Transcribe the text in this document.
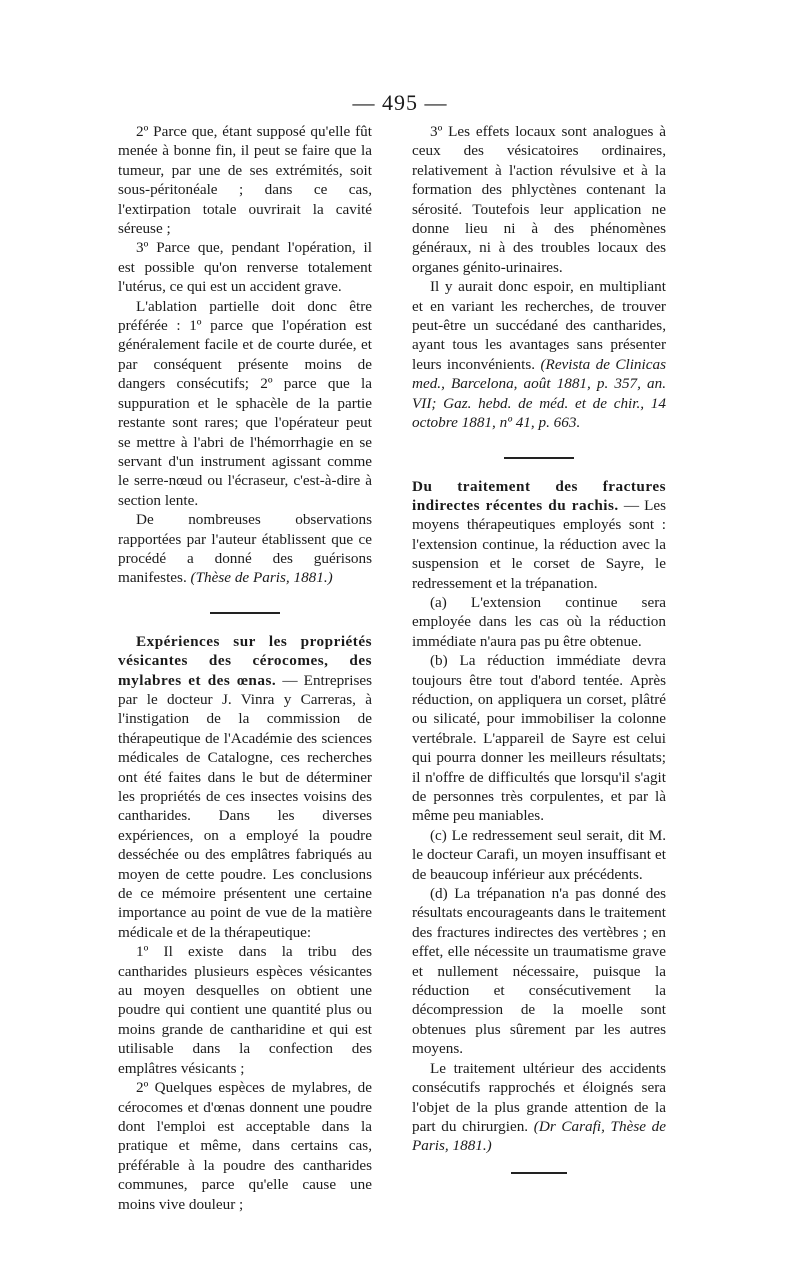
— 495 —

2º Parce que, étant supposé qu'elle fût menée à bonne fin, il peut se faire que la tumeur, par une de ses extrémités, soit sous-péritonéale ; dans ce cas, l'extirpation totale ouvrirait la cavité séreuse ;

3º Parce que, pendant l'opération, il est possible qu'on renverse totalement l'utérus, ce qui est un accident grave.

L'ablation partielle doit donc être préférée : 1º parce que l'opération est généralement facile et de courte durée, et par conséquent présente moins de dangers consécutifs; 2º parce que la suppuration et le sphacèle de la partie restante sont rares; que l'opérateur peut se mettre à l'abri de l'hémorrhagie en se servant d'un instrument agissant comme le serre-nœud ou l'écraseur, c'est-à-dire à section lente.

De nombreuses observations rapportées par l'auteur établissent que ce procédé a donné des guérisons manifestes. (Thèse de Paris, 1881.)

Expériences sur les propriétés vésicantes des cérocomes, des mylabres et des œnas. — Entreprises par le docteur J. Vinra y Carreras, à l'instigation de la commission de thérapeutique de l'Académie des sciences médicales de Catalogne, ces recherches ont été faites dans le but de déterminer les propriétés de ces insectes voisins des cantharides. Dans les diverses expériences, on a employé la poudre desséchée ou des emplâtres fabriqués au moyen de cette poudre. Les conclusions de ce mémoire présentent une certaine importance au point de vue de la matière médicale et de la thérapeutique:

1º Il existe dans la tribu des cantharides plusieurs espèces vésicantes au moyen desquelles on obtient une poudre qui contient une quantité plus ou moins grande de cantharidine et qui est utilisable dans la confection des emplâtres vésicants ;

2º Quelques espèces de mylabres, de cérocomes et d'œnas donnent une poudre dont l'emploi est acceptable dans la pratique et même, dans certains cas, préférable à la poudre des cantharides communes, parce qu'elle cause une moins vive douleur ;

3º Les effets locaux sont analogues à ceux des vésicatoires ordinaires, relativement à l'action révulsive et à la formation des phlyctènes contenant la sérosité. Toutefois leur application ne donne lieu ni à des phénomènes généraux, ni à des troubles locaux des organes génito-urinaires.

Il y aurait donc espoir, en multipliant et en variant les recherches, de trouver peut-être un succédané des cantharides, ayant tous les avantages sans présenter leurs inconvénients. (Revista de Clinicas med., Barcelona, août 1881, p. 357, an. VII; Gaz. hebd. de méd. et de chir., 14 octobre 1881, nº 41, p. 663.

Du traitement des fractures indirectes récentes du rachis. — Les moyens thérapeutiques employés sont : l'extension continue, la réduction avec la suspension et le corset de Sayre, le redressement et la trépanation.

(a) L'extension continue sera employée dans les cas où la réduction immédiate n'aura pas pu être obtenue.

(b) La réduction immédiate devra toujours être tout d'abord tentée. Après réduction, on appliquera un corset, plâtré ou silicaté, pour immobiliser la colonne vertébrale. L'appareil de Sayre est celui qui pourra donner les meilleurs résultats; il n'offre de difficultés que lorsqu'il s'agit de personnes très corpulentes, et par là même peu maniables.

(c) Le redressement seul serait, dit M. le docteur Carafi, un moyen insuffisant et de beaucoup inférieur aux précédents.

(d) La trépanation n'a pas donné des résultats encourageants dans le traitement des fractures indirectes des vertèbres ; en effet, elle nécessite un traumatisme grave et nullement nécessaire, puisque la réduction et consécutivement la décompression de la moelle sont obtenues plus sûrement par les autres moyens.

Le traitement ultérieur des accidents consécutifs rapprochés et éloignés sera l'objet de la plus grande attention de la part du chirurgien. (Dr Carafi, Thèse de Paris, 1881.)
